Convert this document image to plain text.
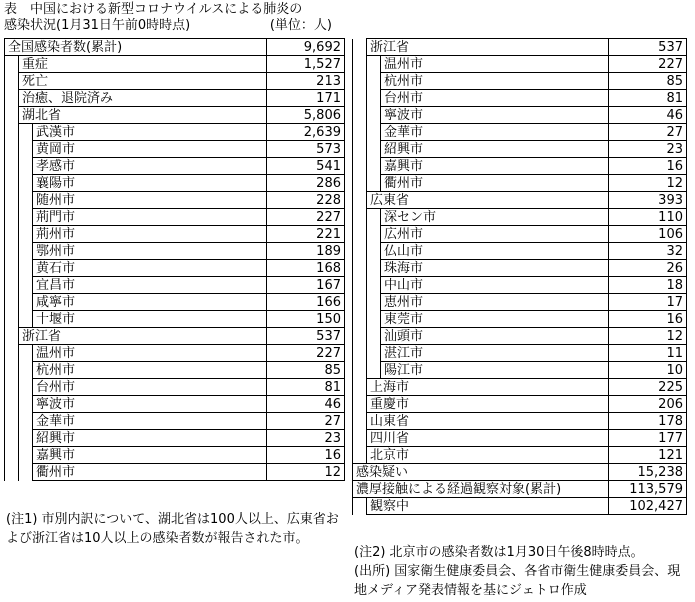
表　中国における新型コロナウイルスによる肺炎の
感染状況(1月31日午前0時時点)	(単位：人)
全国感染者数(累計)			9,692
	重症		1,527
	死亡		213
	治癒、退院済み		171
	湖北省		5,806
		武漢市	2,639
		黄岡市	573
		孝感市	541
		襄陽市	286
		随州市	228
		荊門市	227
		荊州市	221
		鄂州市	189
		黄石市	168
		宜昌市	167
		咸寧市	166
		十堰市	150
	浙江省		537
		温州市	227
		杭州市	85
		台州市	81
		寧波市	46
		金華市	27
		紹興市	23
		嘉興市	16
		衢州市	12
	浙江省		537
		温州市	227
		杭州市	85
		台州市	81
		寧波市	46
		金華市	27
		紹興市	23
		嘉興市	16
		衢州市	12
	広東省		393
		深セン市	110
		広州市	106
		仏山市	32
		珠海市	26
		中山市	18
		恵州市	17
		東莞市	16
		汕頭市	12
		湛江市	11
		陽江市	10
	上海市		225
	重慶市		206
	山東省		178
	四川省		177
	北京市		121
感染疑い			15,238
濃厚接触による経過観察対象(累計)			113,579
	観察中		102,427
(注1) 市別内訳について、湖北省は100人以上、広東省および浙江省は10人以上の感染者数が報告された市。
(注2) 北京市の感染者数は1月30日午後8時時点。
(出所) 国家衛生健康委員会、各省市衛生健康委員会、現地メディア発表情報を基にジェトロ作成
